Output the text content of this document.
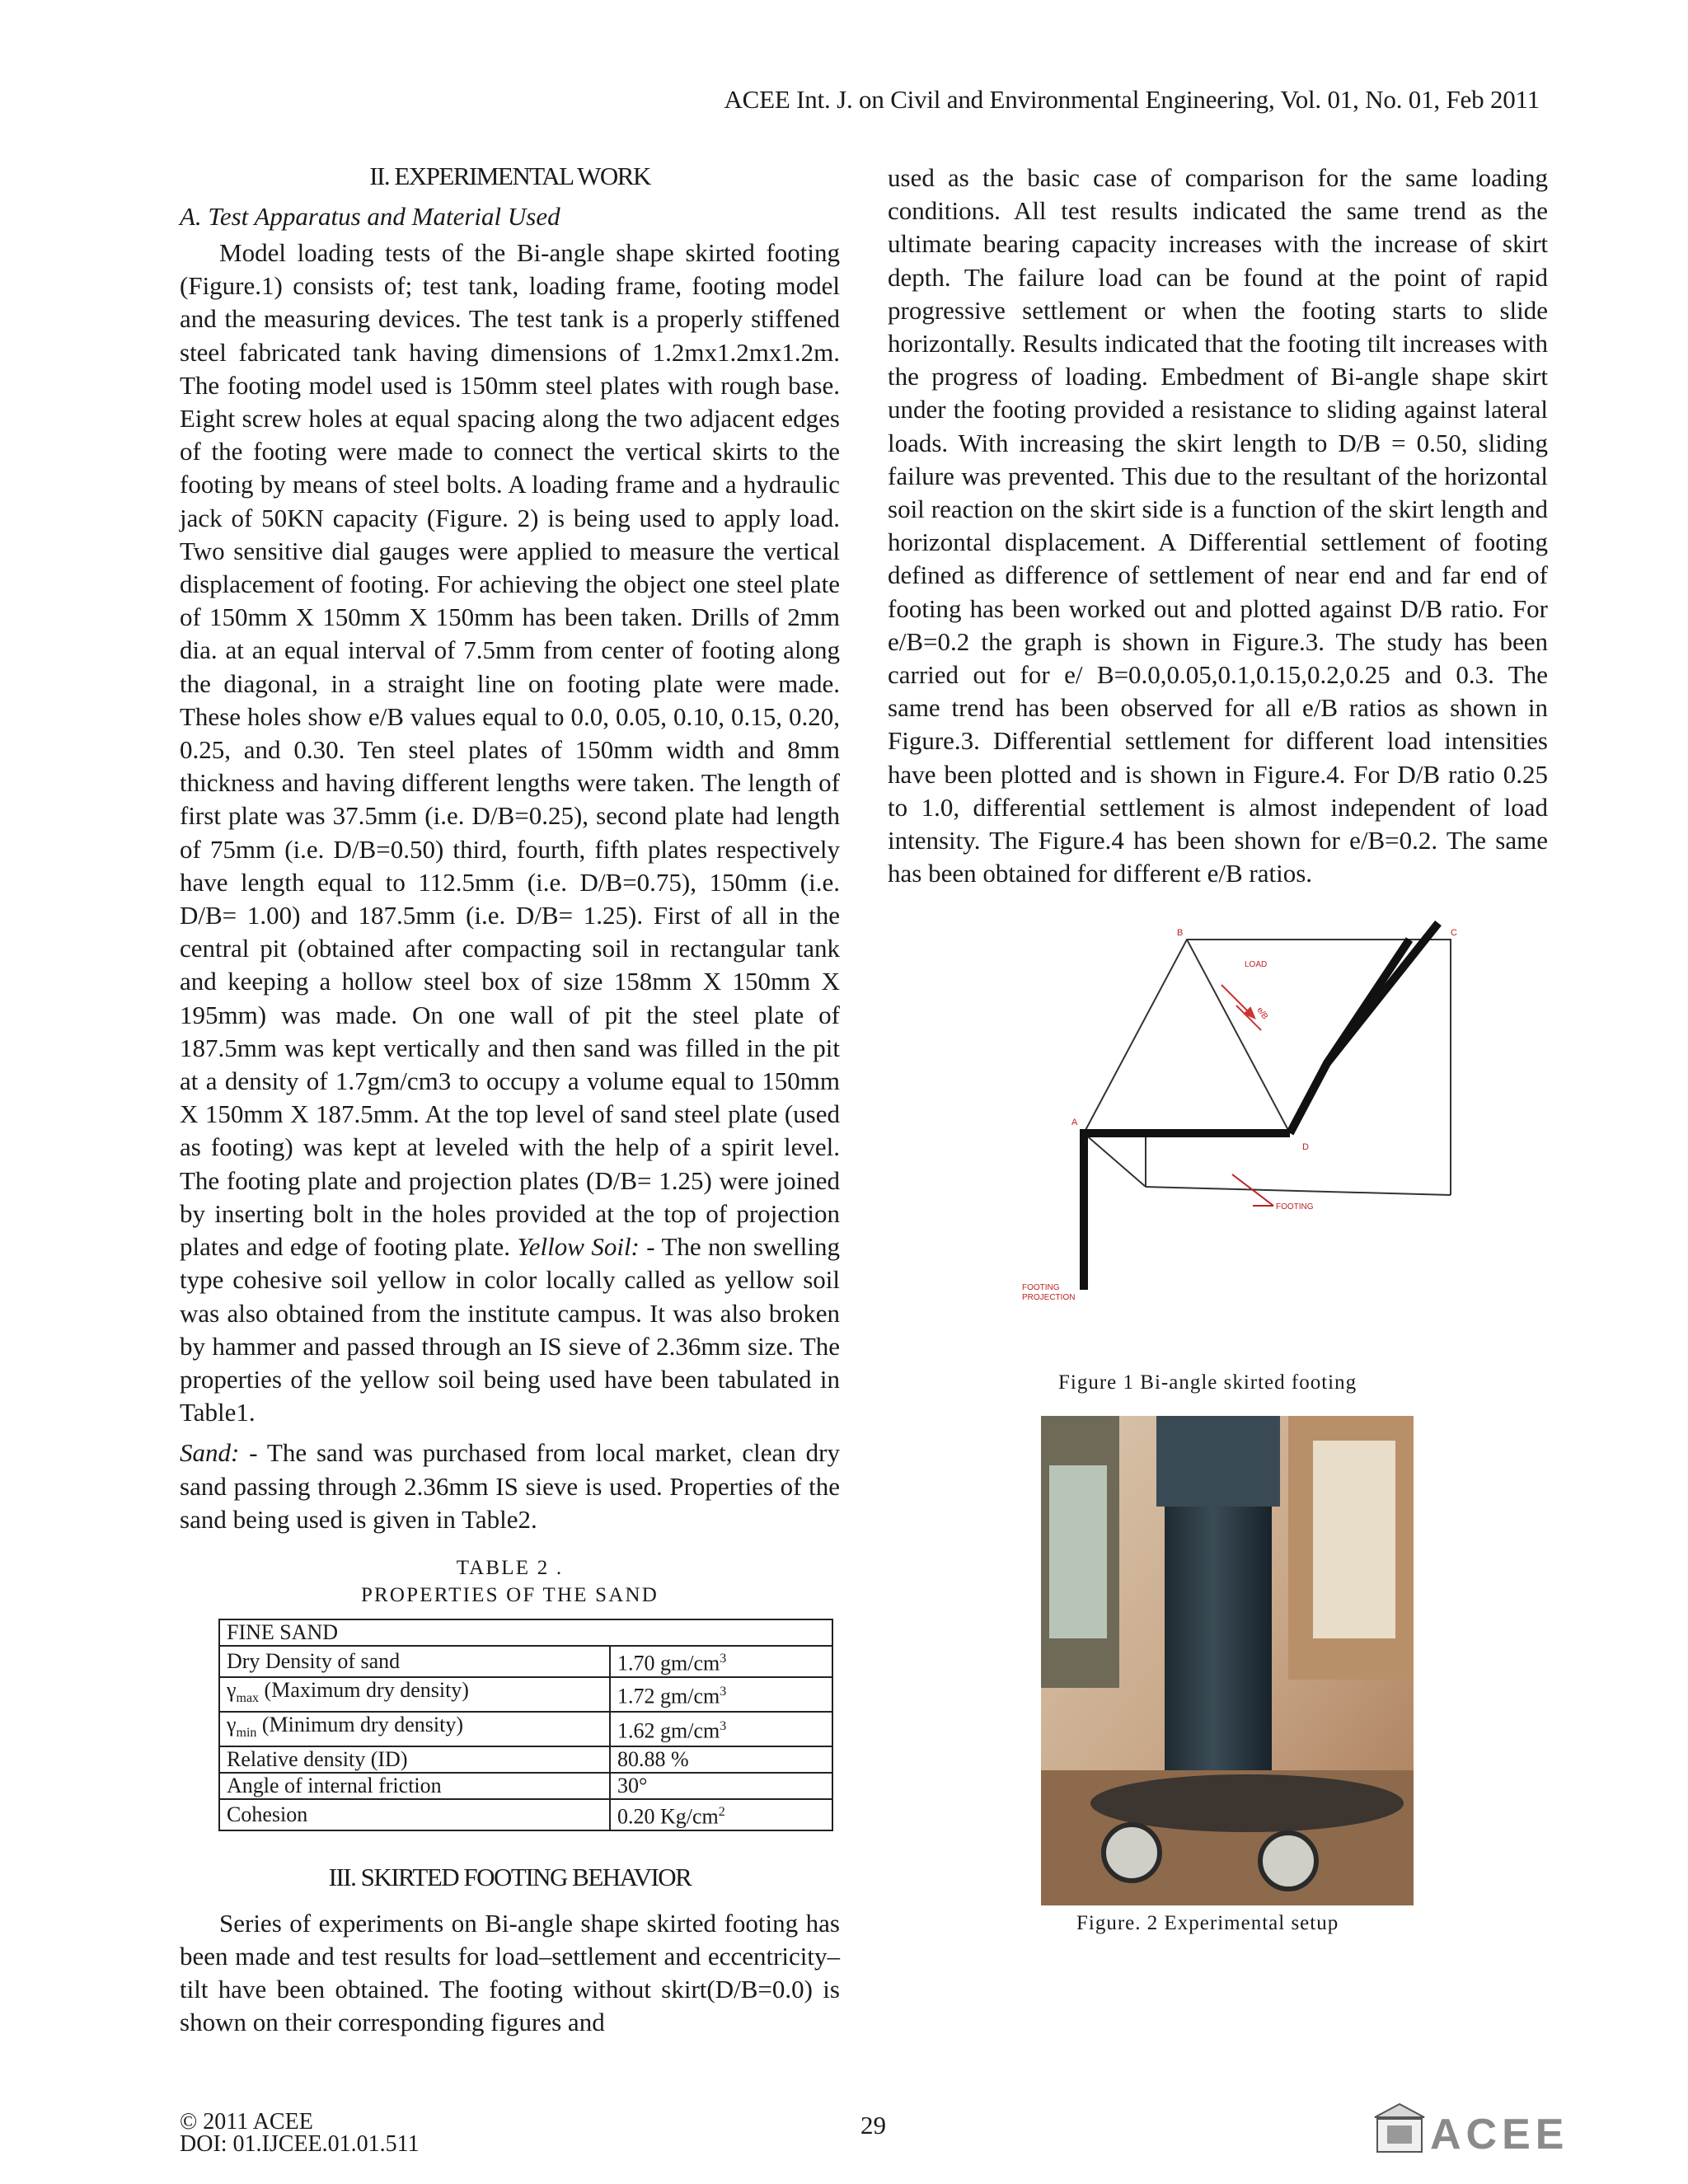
ACEE Int. J. on Civil and Environmental Engineering, Vol. 01, No. 01, Feb 2011
II. EXPERIMENTAL WORK
A. Test Apparatus and Material Used

Model loading tests of the Bi-angle shape skirted footing (Figure.1) consists of; test tank, loading frame, footing model and the measuring devices. The test tank is a properly stiffened steel fabricated tank having dimensions of 1.2mx1.2mx1.2m. The footing model used is 150mm steel plates with rough base. Eight screw holes at equal spacing along the two adjacent edges of the footing were made to connect the vertical skirts to the footing by means of steel bolts. A loading frame and a hydraulic jack of 50KN capacity (Figure. 2) is being used to apply load. Two sensitive dial gauges were applied to measure the vertical displacement of footing. For achieving the object one steel plate of 150mm X 150mm X 150mm has been taken. Drills of 2mm dia. at an equal interval of 7.5mm from center of footing along the diagonal, in a straight line on footing plate were made. These holes show e/B values equal to 0.0, 0.05, 0.10, 0.15, 0.20, 0.25, and 0.30. Ten steel plates of 150mm width and 8mm thickness and having different lengths were taken. The length of first plate was 37.5mm (i.e. D/B=0.25), second plate had length of 75mm (i.e. D/B=0.50) third, fourth, fifth plates respectively have length equal to 112.5mm (i.e. D/B=0.75), 150mm (i.e. D/B= 1.00) and 187.5mm (i.e. D/B= 1.25). First of all in the central pit (obtained after compacting soil in rectangular tank and keeping a hollow steel box of size 158mm X 150mm X 195mm) was made. On one wall of pit the steel plate of 187.5mm was kept vertically and then sand was filled in the pit at a density of 1.7gm/cm3 to occupy a volume equal to 150mm X 150mm X 187.5mm. At the top level of sand steel plate (used as footing) was kept at leveled with the help of a spirit level. The footing plate and projection plates (D/B= 1.25) were joined by inserting bolt in the holes provided at the top of projection plates and edge of footing plate. Yellow Soil: - The non swelling type cohesive soil yellow in color locally called as yellow soil was also obtained from the institute campus. It was also broken by hammer and passed through an IS sieve of 2.36mm size. The properties of the yellow soil being used have been tabulated in Table1.

Sand: - The sand was purchased from local market, clean dry sand passing through 2.36mm IS sieve is used. Properties of the sand being used is given in Table2.

TABLE 2 .
PROPERTIES OF THE SAND
FINE SAND	
Dry Density of sand	1.70 $gm/cm^3$
$\gamma_{max}$ (Maximum dry density)	1.72 $gm/cm^3$
$\gamma_{min}$ (Minimum dry density)	1.62 $gm/cm^3$
Relative density (ID)	80.88 %
Angle of internal friction	30°
Cohesion	0.20 $Kg/cm^2$
III. SKIRTED FOOTING BEHAVIOR

Series of experiments on Bi-angle shape skirted footing has been made and test results for load–settlement and eccentricity–tilt have been obtained. The footing without skirt(D/B=0.0) is shown on their corresponding figures and

used as the basic case of comparison for the same loading conditions. All test results indicated the same trend as the ultimate bearing capacity increases with the increase of skirt depth. The failure load can be found at the point of rapid progressive settlement or when the footing starts to slide horizontally. Results indicated that the footing tilt increases with the progress of loading. Embedment of Bi-angle shape skirt under the footing provided a resistance to sliding against lateral loads. With increasing the skirt length to D/B = 0.50, sliding failure was prevented. This due to the resultant of the horizontal soil reaction on the skirt side is a function of the skirt length and horizontal displacement. A Differential settlement of footing defined as difference of settlement of near end and far end of footing has been worked out and plotted against D/B ratio. For e/B=0.2 the graph is shown in Figure.3. The study has been carried out for e/ B=0.0,0.05,0.1,0.15,0.2,0.25 and 0.3. The same trend has been observed for all e/B ratios as shown in Figure.3. Differential settlement for different load intensities have been plotted and is shown in Figure.4. For D/B ratio 0.25 to 1.0, differential settlement is almost independent of load intensity. The Figure.4 has been shown for e/B=0.2. The same has been obtained for different e/B ratios.

B	C
A
D
LOAD
e/B
FOOTING
FOOTING
PROJECTION
Figure 1 Bi-angle skirted footing
Figure. 2 Experimental setup
© 2011 ACEE
DOI: 01.IJCEE.01.01.511
29	ACEE
